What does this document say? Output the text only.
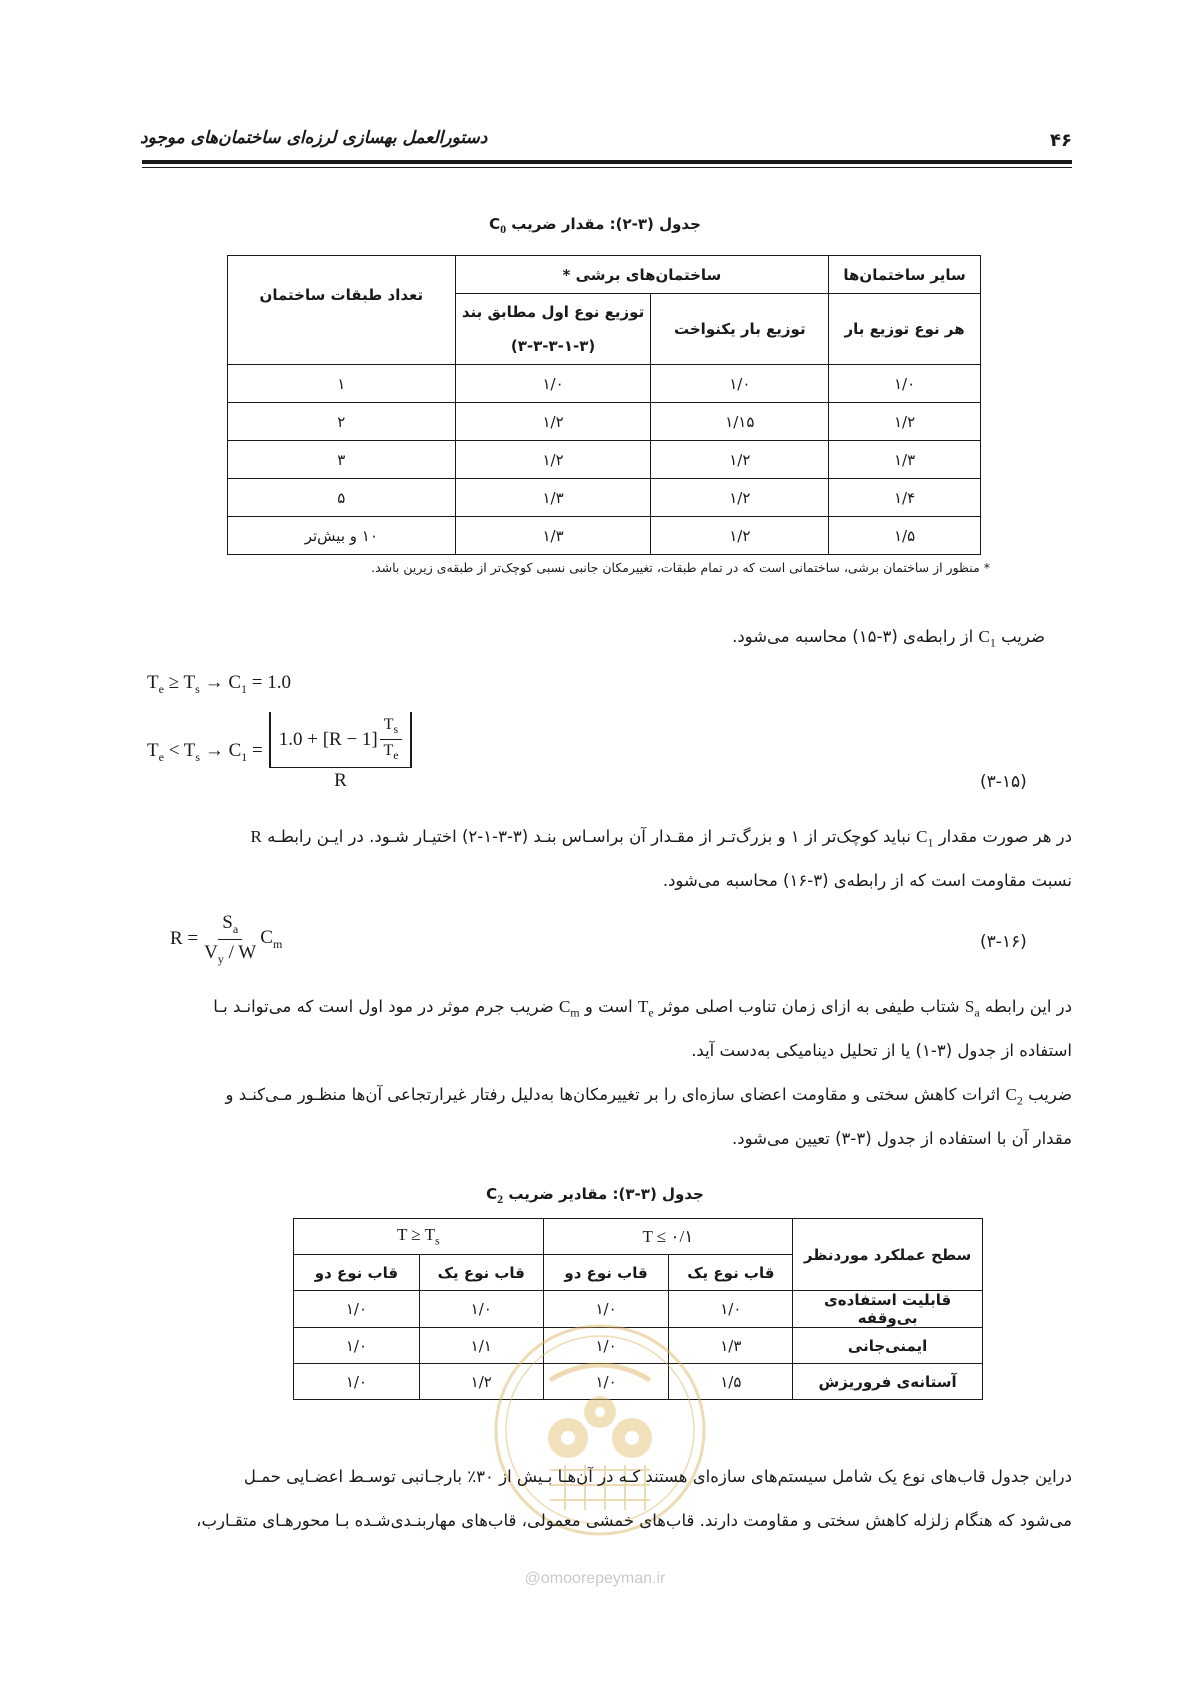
دستورالعمل بهسازی لرزه‌ای ساختمان‌های موجود	۴۶
جدول (۳-۲): مقدار ضریب $C_0$
سایر ساختمان‌ها	ساختمان‌های برشی *		تعداد طبقات ساختمان
هر نوع توزیع بار	توزیع بار یکنواخت	توزیع نوع اول مطابق بند
(۳-۳-۳-۱-۳)	

۱/۰	۱/۰	۱/۰	۱
۱/۲	۱/۱۵	۱/۲	۲
۱/۳	۱/۲	۱/۲	۳
۱/۴	۱/۲	۱/۳	۵
۱/۵	۱/۲	۱/۳	۱۰ و بیش‌تر
* منظور از ساختمان برشی، ساختمانی است که در تمام طبقات، تغییرمکان جانبی نسبی کوچک‌تر از طبقه‌ی زیرین باشد.
ضریب $C_1$ از رابطه‌ی (۳-۱۵) محاسبه می‌شود.
$T_e \ge T_s \to C_1 = 1.0$
$T_e < T_s \to C_1 = \frac{1.0 + [R - 1] \frac{T_s}{T_e}}{R}$	(۳-۱۵)
در هر صورت مقدار $C_1$ نباید کوچک‌تر از ۱ و بزرگ‌تـر از مقـدار آن براسـاس بنـد (۳-۳-۱-۲) اختیـار شـود. در ایـن رابطـه R
نسبت مقاومت است که از رابطه‌ی (۳-۱۶) محاسبه می‌شود.
$R = \frac{S_a}{V_y / W} C_m$	(۳-۱۶)
در این رابطه $S_a$ شتاب طیفی به ازای زمان تناوب اصلی موثر $T_e$ است و $C_m$ ضریب جرم موثر در مود اول است که می‌توانـد بـا
استفاده از جدول (۳-۱) یا از تحلیل دینامیکی به‌دست آید.
ضریب $C_2$ اثرات کاهش سختی و مقاومت اعضای سازه‌ای را بر تغییرمکان‌ها به‌دلیل رفتار غیرارتجاعی آن‌ها منظـور مـی‌کنـد و
مقدار آن با استفاده از جدول (۳-۳) تعیین می‌شود.
جدول (۳-۳): مقادیر ضریب $C_2$
سطح عملکرد موردنظر	T ≤ ۰/۱		$T \ge T_s$
	قاب نوع یک	قاب نوع دو	قاب نوع یک	قاب نوع دو
قابلیت استفاده‌ی بی‌وقفه	۱/۰	۱/۰	۱/۰	۱/۰
ایمنی‌جانی	۱/۳	۱/۰	۱/۱	۱/۰
آستانه‌ی فروریزش	۱/۵	۱/۰	۱/۲	۱/۰
دراین جدول قاب‌های نوع یک شامل سیستم‌های سازه‌ای هستند کـه در آن‌هـا بـیش از ۳۰٪ بارجـانبی توسـط اعضـایی حمـل
می‌شود که هنگام زلزله کاهش سختی و مقاومت دارند. قاب‌های خمشی معمولی، قاب‌های مهاربنـدی‌شـده بـا محورهـای متقـارب،
@omoorepeyman.ir
